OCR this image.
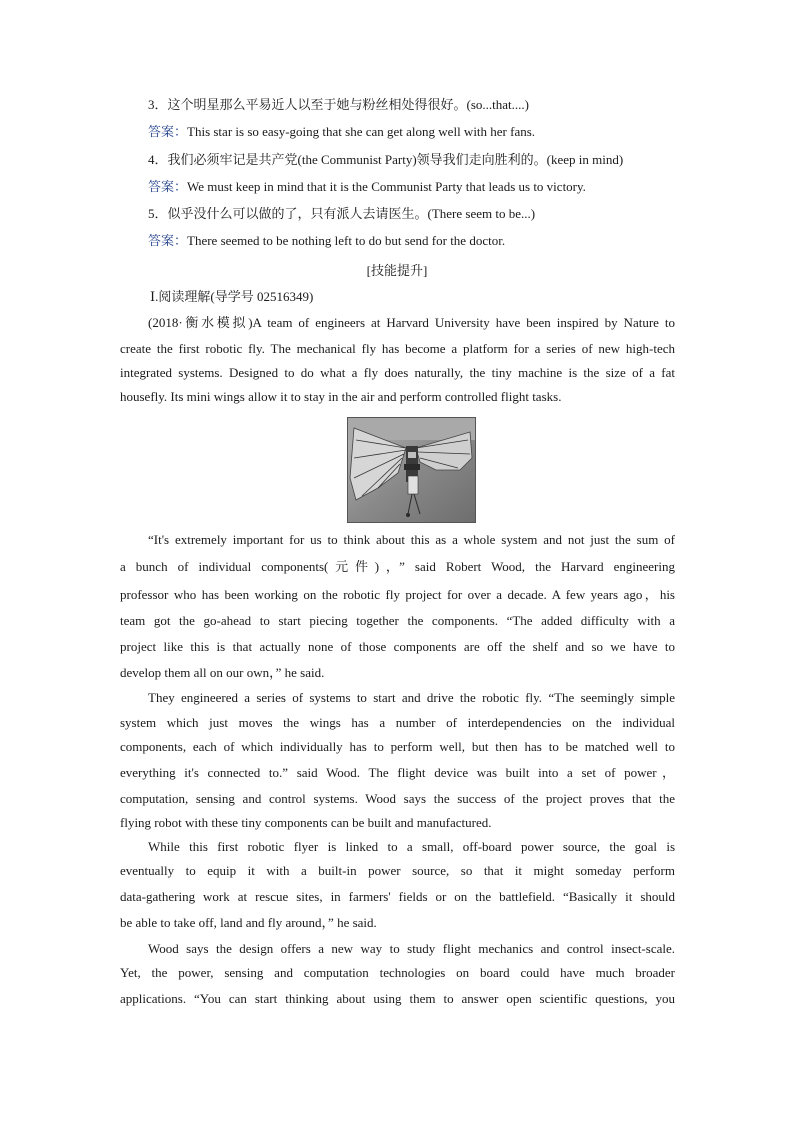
3．这个明星那么平易近人以至于她与粉丝相处得很好。(so...that....)
答案：This star is so easy-going that she can get along well with her fans.
4．我们必须牢记是共产党(the Communist Party)领导我们走向胜利的。(keep in mind)
答案：We must keep in mind that it is the Communist Party that leads us to victory.
5．似乎没什么可以做的了，只有派人去请医生。(There seem to be...)
答案：There seemed to be nothing left to do but send for the doctor.
[技能提升]
Ⅰ.阅读理解(导学号 02516349)
(2018·衡水模拟)A team of engineers at Harvard University have been inspired by Nature to
create the first robotic fly. The mechanical fly has become a platform for a series of new high-tech
integrated systems. Designed to do what a fly does naturally, the tiny machine is the size of a fat
housefly. Its mini wings allow it to stay in the air and perform controlled flight tasks.
“It's extremely important for us to think about this as a whole system and not just the sum of
a bunch of individual components(元件)，” said Robert Wood, the Harvard engineering
professor who has been working on the robotic fly project for over a decade. A few years ago，his
team got the go-ahead to start piecing together the components. “The added difficulty with a
project like this is that actually none of those components are off the shelf and so we have to
develop them all on our own，” he said.
They engineered a series of systems to start and drive the robotic fly. “The seemingly simple
system which just moves the wings has a number of interdependencies on the individual
components, each of which individually has to perform well, but then has to be matched well to
everything it's connected to.” said Wood. The flight device was built into a set of power，
computation, sensing and control systems. Wood says the success of the project proves that the
flying robot with these tiny components can be built and manufactured.
While this first robotic flyer is linked to a small, off-board power source, the goal is
eventually to equip it with a built-in power source, so that it might someday perform
data-gathering work at rescue sites, in farmers' fields or on the battlefield. “Basically it should
be able to take off, land and fly around，” he said.
Wood says the design offers a new way to study flight mechanics and control insect-scale.
Yet, the power, sensing and computation technologies on board could have much broader
applications. “You can start thinking about using them to answer open scientific questions, you
